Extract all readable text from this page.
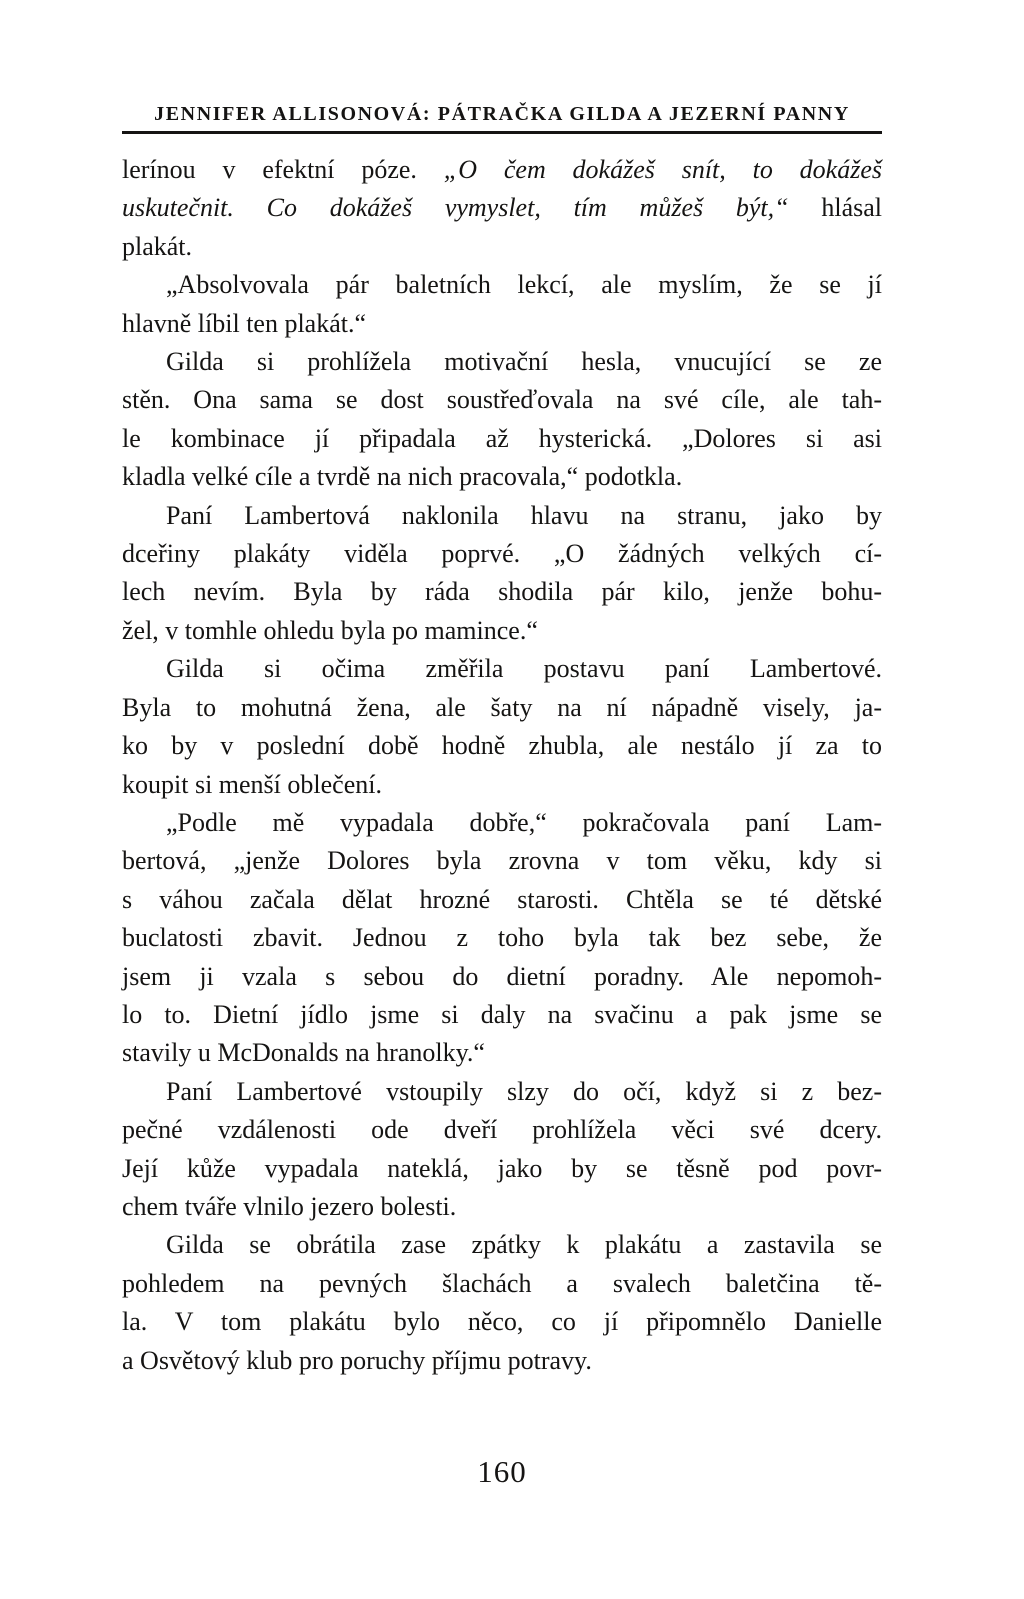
JENNIFER ALLISONOVÁ: PÁTRAČKA GILDA A JEZERNÍ PANNY
lerínou v efektní póze. „O čem dokážeš snít, to dokážeš
uskutečnit. Co dokážeš vymyslet, tím můžeš být,“ hlásal
plakát.
„Absolvovala pár baletních lekcí, ale myslím, že se jí
hlavně líbil ten plakát.“
Gilda si prohlížela motivační hesla, vnucující se ze
stěn. Ona sama se dost soustřeďovala na své cíle, ale tah-
le kombinace jí připadala až hysterická. „Dolores si asi
kladla velké cíle a tvrdě na nich pracovala,“ podotkla.
Paní Lambertová naklonila hlavu na stranu, jako by
dceřiny plakáty viděla poprvé. „O žádných velkých cí-
lech nevím. Byla by ráda shodila pár kilo, jenže bohu-
žel, v tomhle ohledu byla po mamince.“
Gilda si očima změřila postavu paní Lambertové.
Byla to mohutná žena, ale šaty na ní nápadně visely, ja-
ko by v poslední době hodně zhubla, ale nestálo jí za to
koupit si menší oblečení.
„Podle mě vypadala dobře,“ pokračovala paní Lam-
bertová, „jenže Dolores byla zrovna v tom věku, kdy si
s váhou začala dělat hrozné starosti. Chtěla se té dětské
buclatosti zbavit. Jednou z toho byla tak bez sebe, že
jsem ji vzala s sebou do dietní poradny. Ale nepomoh-
lo to. Dietní jídlo jsme si daly na svačinu a pak jsme se
stavily u McDonalds na hranolky.“
Paní Lambertové vstoupily slzy do očí, když si z bez-
pečné vzdálenosti ode dveří prohlížela věci své dcery.
Její kůže vypadala nateklá, jako by se těsně pod povr-
chem tváře vlnilo jezero bolesti.
Gilda se obrátila zase zpátky k plakátu a zastavila se
pohledem na pevných šlachách a svalech baletčina tě-
la. V tom plakátu bylo něco, co jí připomnělo Danielle
a Osvětový klub pro poruchy příjmu potravy.
160
